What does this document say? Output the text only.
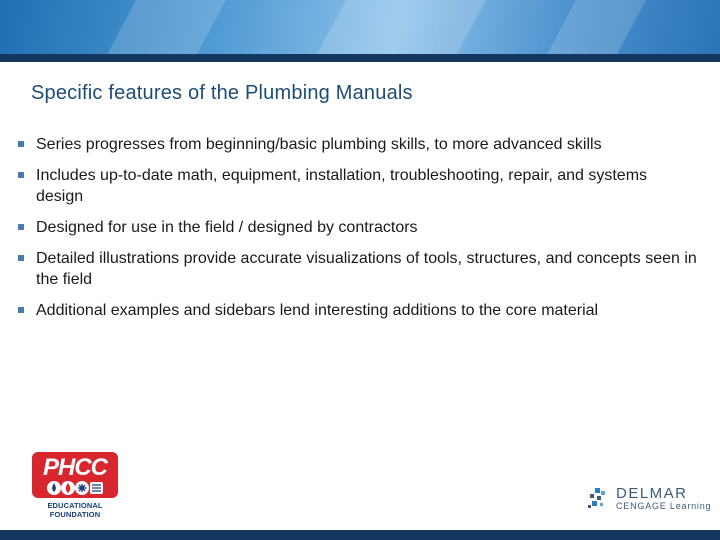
Specific features of the Plumbing Manuals
Series progresses from beginning/basic plumbing skills, to more advanced skills
Includes up-to-date math, equipment, installation, troubleshooting, repair, and systems design
Designed for use in the field / designed by contractors
Detailed illustrations provide accurate visualizations of tools, structures, and concepts seen in the field
Additional examples and sidebars lend interesting additions to the core material
PHCC
EDUCATIONAL FOUNDATION
DELMAR
CENGAGE Learning
